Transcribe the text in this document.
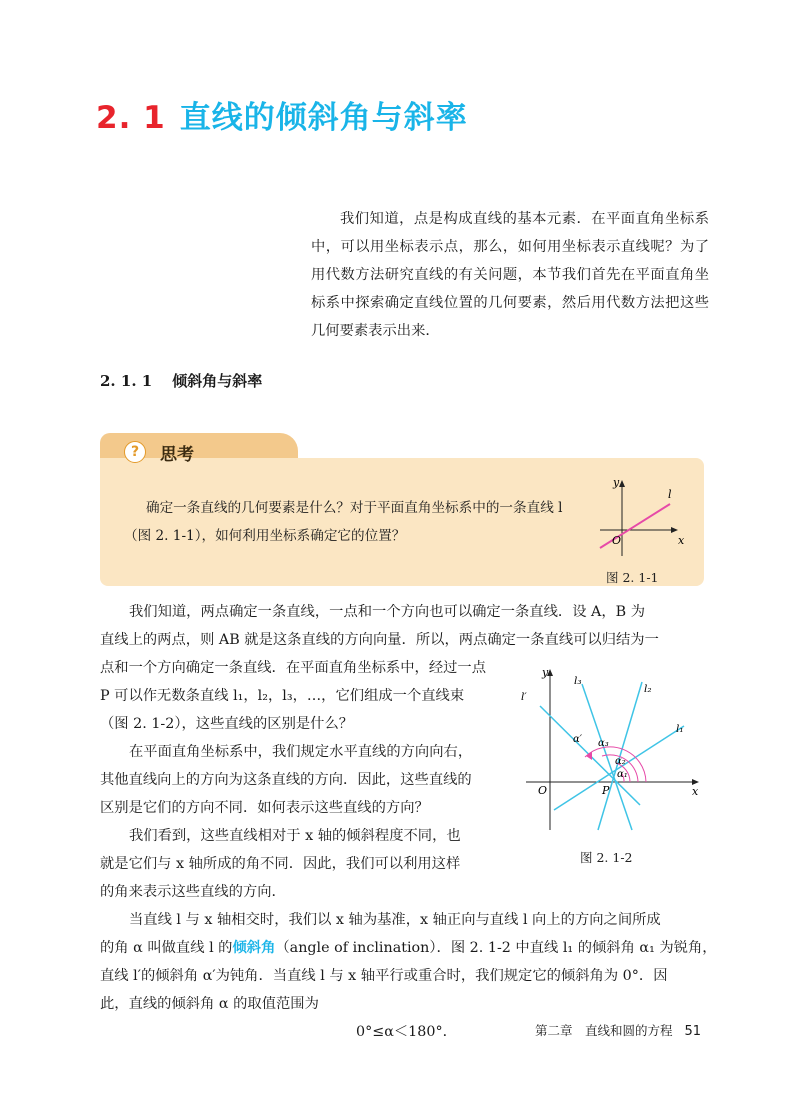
2. 1 直线的倾斜角与斜率
我们知道，点是构成直线的基本元素．在平面直角坐标系中，可以用坐标表示点，那么，如何用坐标表示直线呢？为了用代数方法研究直线的有关问题，本节我们首先在平面直角坐标系中探索确定直线位置的几何要素，然后用代数方法把这些几何要素表示出来．
2. 1. 1 倾斜角与斜率
?	思考
确定一条直线的几何要素是什么？对于平面直角坐标系中的一条直线 l（图 2. 1-1），如何利用坐标系确定它的位置？
y
x
O
l
图 2. 1-1
我们知道，两点确定一条直线，一点和一个方向也可以确定一条直线．设 A，B 为
直线上的两点，则 AB 就是这条直线的方向向量．所以，两点确定一条直线可以归结为一
点和一个方向确定一条直线．在平面直角坐标系中，经过一点
P 可以作无数条直线 l₁，l₂，l₃，…，它们组成一个直线束
（图 2. 1-2），这些直线的区别是什么？
在平面直角坐标系中，我们规定水平直线的方向向右，
其他直线向上的方向为这条直线的方向．因此，这些直线的
区别是它们的方向不同．如何表示这些直线的方向？
我们看到，这些直线相对于 x 轴的倾斜程度不同，也
就是它们与 x 轴所成的角不同．因此，我们可以利用这样
的角来表示这些直线的方向．
l′
l₃
l₂
l₁
α′ α₃
α₂
α₁
y
x
O	P
图 2. 1-2
当直线 l 与 x 轴相交时，我们以 x 轴为基准，x 轴正向与直线 l 向上的方向之间所成
的角 α 叫做直线 l 的倾斜角（angle of inclination）．图 2. 1-2 中直线 l₁ 的倾斜角 α₁ 为锐角，
直线 l′的倾斜角 α′为钝角．当直线 l 与 x 轴平行或重合时，我们规定它的倾斜角为 0°．因
此，直线的倾斜角 α 的取值范围为
0°≤α＜180°．	第二章　直线和圆的方程 51
